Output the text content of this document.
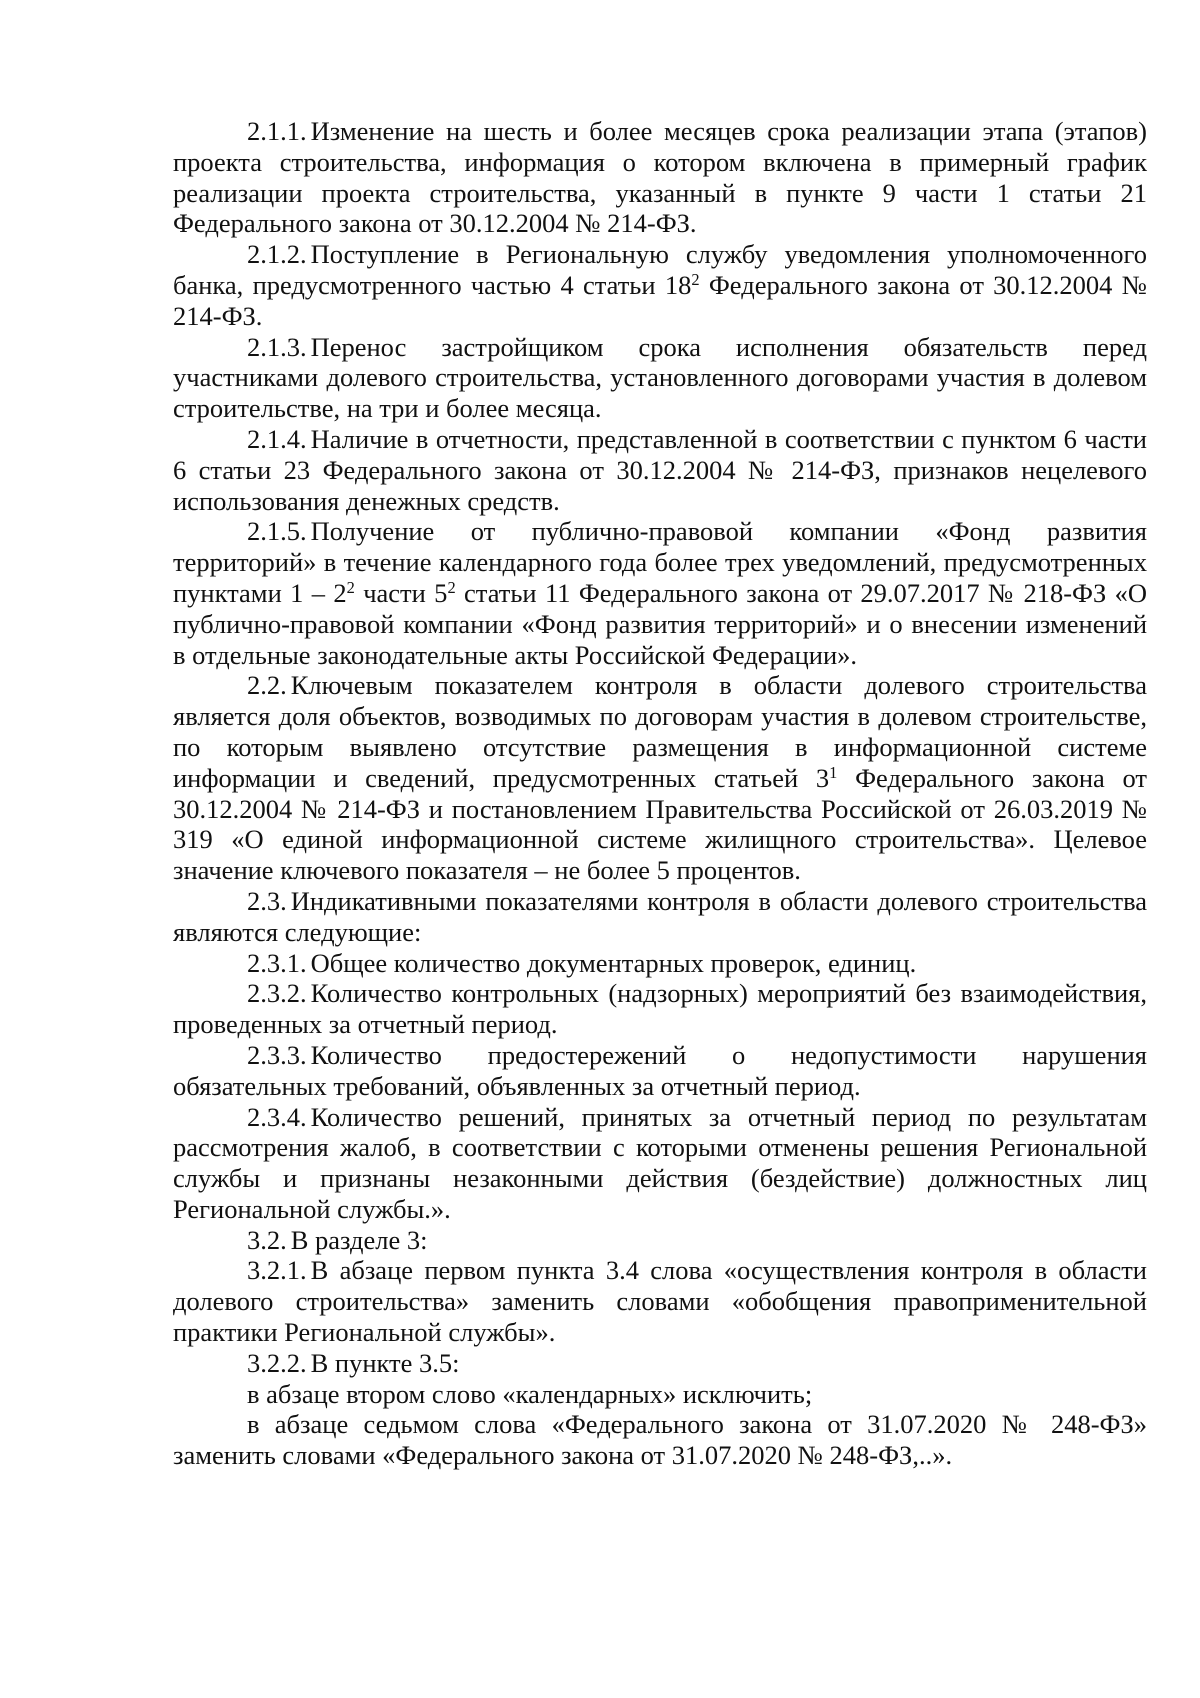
2.1.1. Изменение на шесть и более месяцев срока реализации этапа (этапов) проекта строительства, информация о котором включена в примерный график реализации проекта строительства, указанный в пункте 9 части 1 статьи 21 Федерального закона от 30.12.2004 № 214-ФЗ.

2.1.2. Поступление в Региональную службу уведомления уполномоченного банка, предусмотренного частью 4 статьи $18^2$ Федерального закона от 30.12.2004 № 214-ФЗ.

2.1.3. Перенос застройщиком срока исполнения обязательств перед участниками долевого строительства, установленного договорами участия в долевом строительстве, на три и более месяца.

2.1.4. Наличие в отчетности, представленной в соответствии с пунктом 6 части 6 статьи 23 Федерального закона от 30.12.2004 № 214-ФЗ, признаков нецелевого использования денежных средств.

2.1.5. Получение от публично-правовой компании «Фонд развития территорий» в течение календарного года более трех уведомлений, предусмотренных пунктами $1 - 2^2$ части $5^2$ статьи 11 Федерального закона от 29.07.2017 № 218-ФЗ «О публично-правовой компании «Фонд развития территорий» и о внесении изменений в отдельные законодательные акты Российской Федерации».

2.2. Ключевым показателем контроля в области долевого строительства является доля объектов, возводимых по договорам участия в долевом строительстве, по которым выявлено отсутствие размещения в информационной системе информации и сведений, предусмотренных статьей $3^1$ Федерального закона от 30.12.2004 № 214-ФЗ и постановлением Правительства Российской от 26.03.2019 № 319 «О единой информационной системе жилищного строительства». Целевое значение ключевого показателя – не более 5 процентов.

2.3. Индикативными показателями контроля в области долевого строительства являются следующие:

2.3.1. Общее количество документарных проверок, единиц.

2.3.2. Количество контрольных (надзорных) мероприятий без взаимодействия, проведенных за отчетный период.

2.3.3. Количество предостережений о недопустимости нарушения обязательных требований, объявленных за отчетный период.

2.3.4. Количество решений, принятых за отчетный период по результатам рассмотрения жалоб, в соответствии с которыми отменены решения Региональной службы и признаны незаконными действия (бездействие) должностных лиц Региональной службы.».

3.2. В разделе 3:

3.2.1. В абзаце первом пункта 3.4 слова «осуществления контроля в области долевого строительства» заменить словами «обобщения правоприменительной практики Региональной службы».

3.2.2. В пункте 3.5:

в абзаце втором слово «календарных» исключить;

в абзаце седьмом слова «Федерального закона от 31.07.2020 № 248-ФЗ» заменить словами «Федерального закона от 31.07.2020 № 248-ФЗ,..».
